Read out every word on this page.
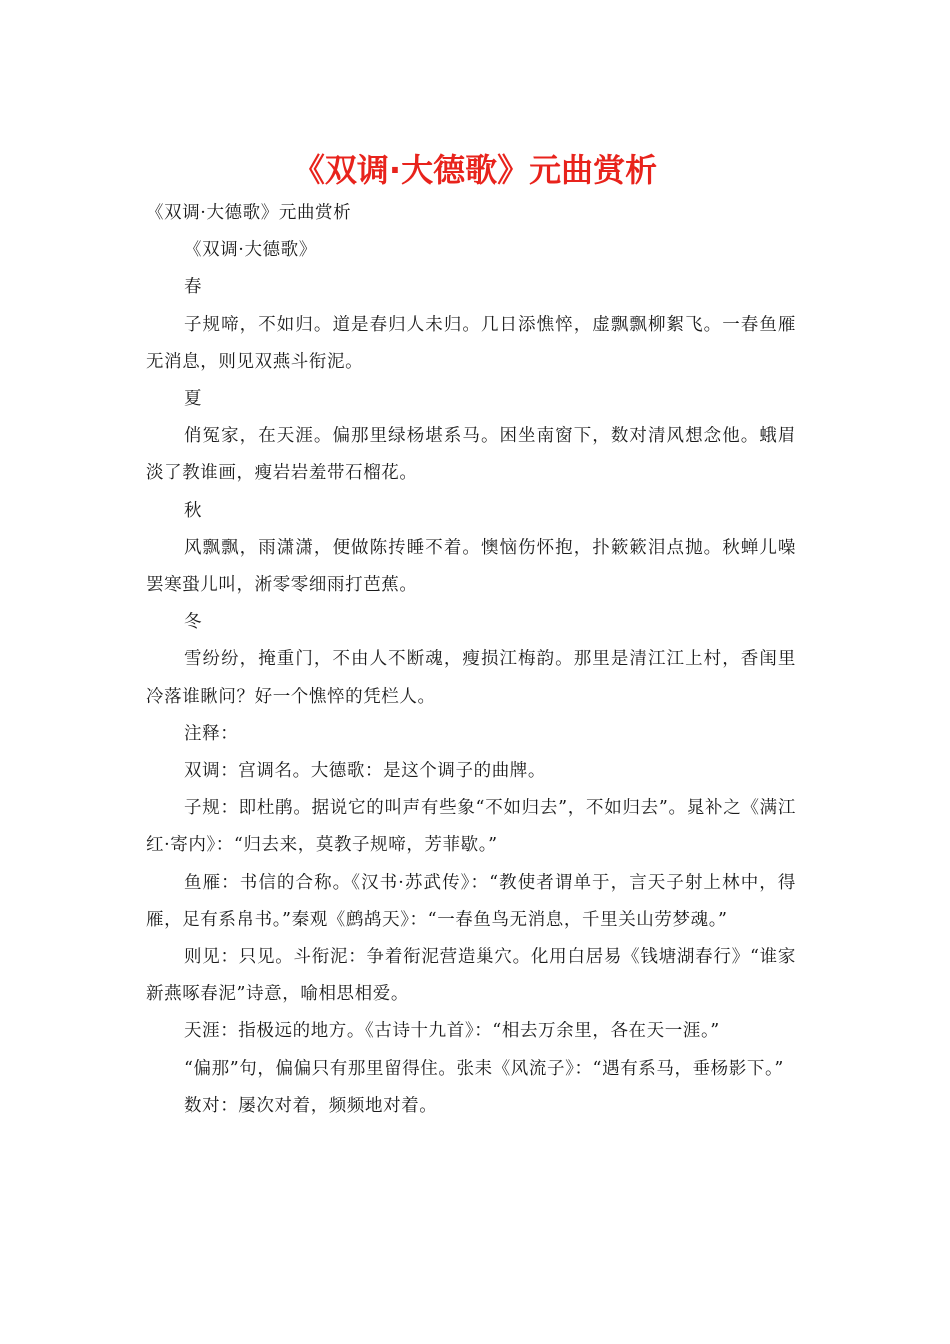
《双调·大德歌》元曲赏析

《双调·大德歌》元曲赏析

《双调·大德歌》

春

子规啼，不如归。道是春归人未归。几日添憔悴，虚飘飘柳絮飞。一春鱼雁无消息，则见双燕斗衔泥。

夏

俏冤家，在天涯。偏那里绿杨堪系马。困坐南窗下，数对清风想念他。蛾眉淡了教谁画，瘦岩岩羞带石榴花。

秋

风飘飘，雨潇潇，便做陈抟睡不着。懊恼伤怀抱，扑簌簌泪点抛。秋蝉儿噪罢寒蛩儿叫，淅零零细雨打芭蕉。

冬

雪纷纷，掩重门，不由人不断魂，瘦损江梅韵。那里是清江江上村，香闺里冷落谁瞅问？好一个憔悴的凭栏人。

注释：

双调：宫调名。大德歌：是这个调子的曲牌。

子规：即杜鹃。据说它的叫声有些象“不如归去”，不如归去”。晁补之《满江红·寄内》：“归去来，莫教子规啼，芳菲歇。”

鱼雁：书信的合称。《汉书·苏武传》：“教使者谓单于，言天子射上林中，得雁，足有系帛书。”秦观《鹧鸪天》：“一春鱼鸟无消息，千里关山劳梦魂。”

则见：只见。斗衔泥：争着衔泥营造巢穴。化用白居易《钱塘湖春行》“谁家新燕啄春泥”诗意，喻相思相爱。

天涯：指极远的地方。《古诗十九首》：“相去万余里，各在天一涯。”

“偏那”句，偏偏只有那里留得住。张耒《风流子》：“遇有系马，垂杨影下。”

数对：屡次对着，频频地对着。
